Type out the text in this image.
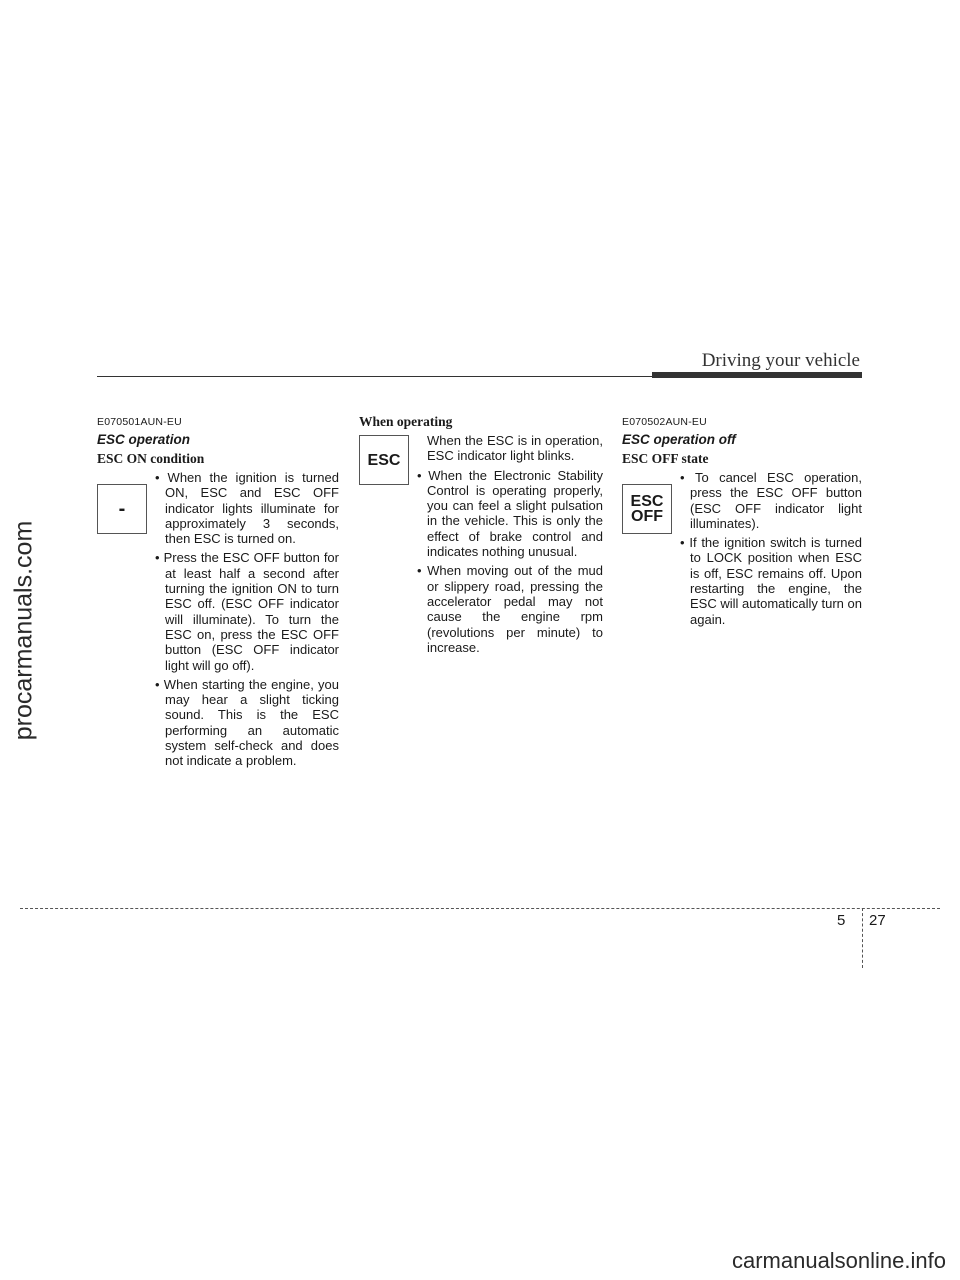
procarmanuals.com
Driving your vehicle
E070501AUN-EU
ESC operation
ESC ON condition
-
• When the ignition is turned ON, ESC and ESC OFF indicator lights illuminate for approximately 3 seconds, then ESC is turned on.
• Press the ESC OFF button for at least half a second after turning the ignition ON to turn ESC off. (ESC OFF indicator will illuminate). To turn the ESC on, press the ESC OFF button (ESC OFF indicator light will go off).
• When starting the engine, you may hear a slight ticking sound. This is the ESC performing an automatic system self-check and does not indicate a problem.
When operating
ESC
When the ESC is in operation, ESC indicator light blinks.
• When the Electronic Stability Control is operating properly, you can feel a slight pulsation in the vehicle. This is only the effect of brake control and indicates nothing unusual.
• When moving out of the mud or slippery road, pressing the accelerator pedal may not cause the engine rpm (revolutions per minute) to increase.
E070502AUN-EU
ESC operation off
ESC OFF state
ESC
OFF
• To cancel ESC operation, press the ESC OFF button (ESC OFF indicator light illuminates).
• If the ignition switch is turned to LOCK position when ESC is off, ESC remains off. Upon restarting the engine, the ESC will automatically turn on again.
5 27
carmanualsonline.info
